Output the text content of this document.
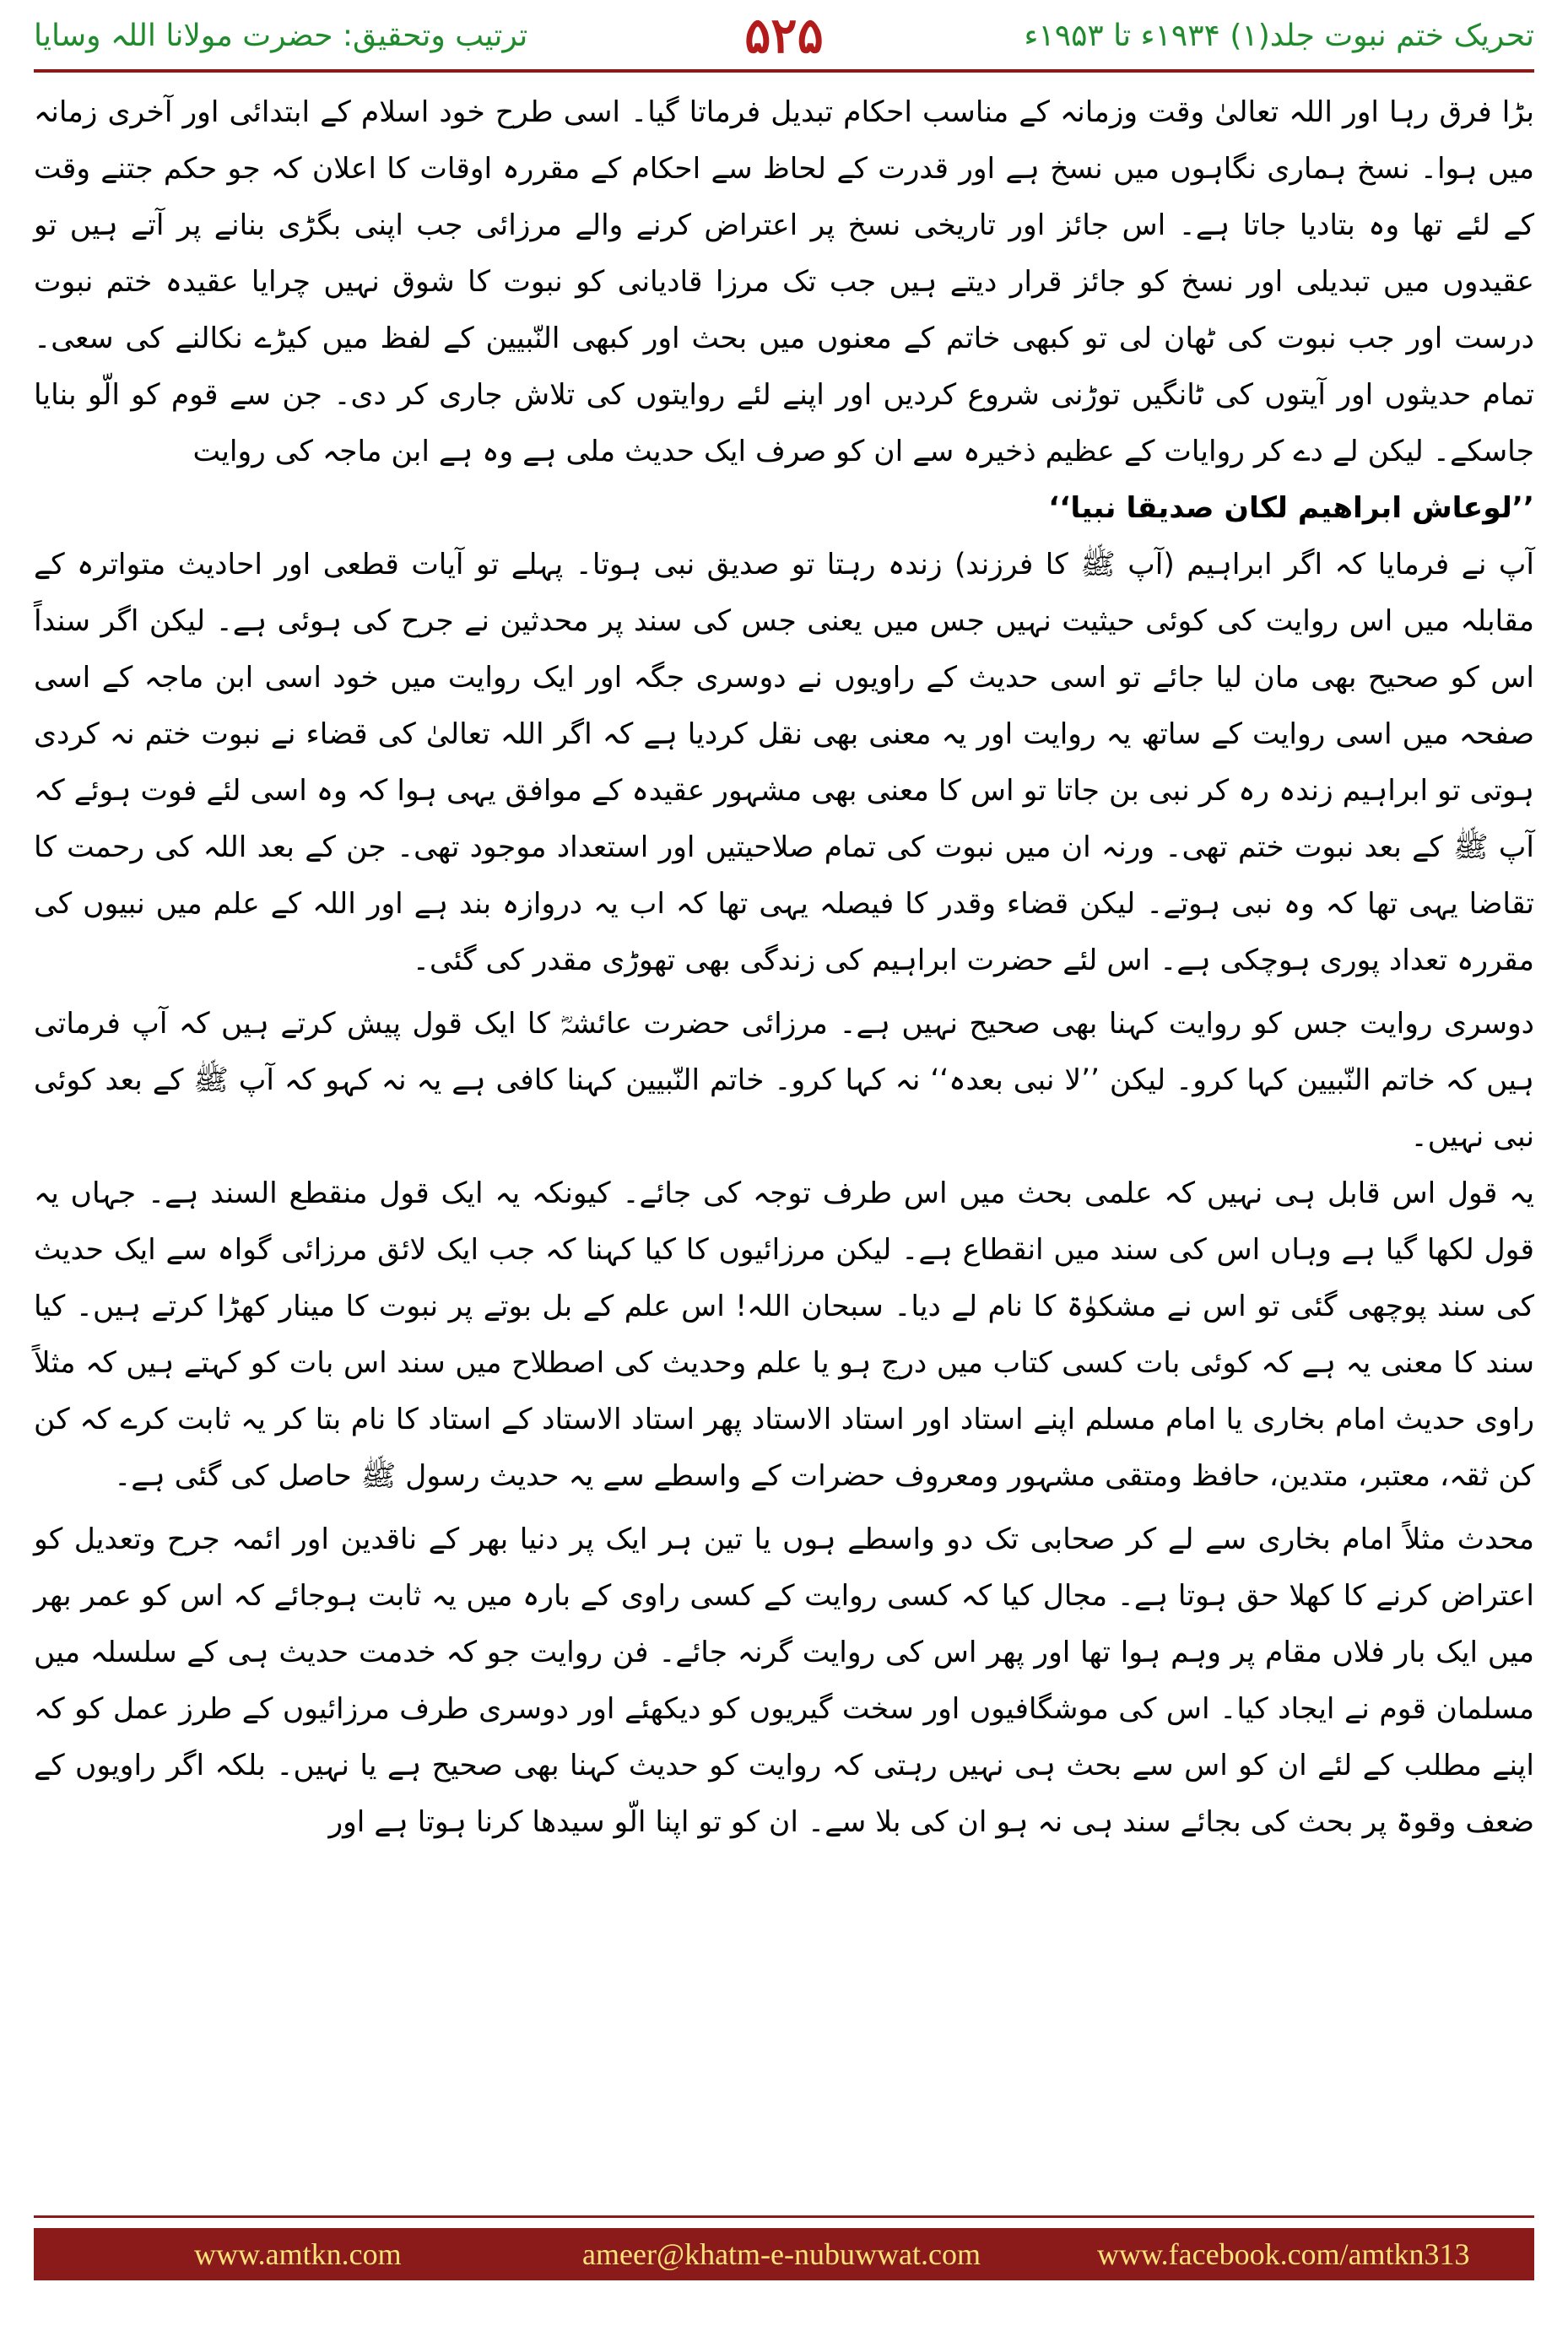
تحریک ختم نبوت جلد(۱) ۱۹۳۴ء تا ۱۹۵۳ء
۵۲۵
ترتیب وتحقیق: حضرت مولانا اللہ وسایا

بڑا فرق رہا اور اللہ تعالیٰ وقت وزمانہ کے مناسب احکام تبدیل فرماتا گیا۔ اسی طرح خود اسلام کے ابتدائی اور آخری زمانہ میں ہوا۔ نسخ ہماری نگاہوں میں نسخ ہے اور قدرت کے لحاظ سے احکام کے مقررہ اوقات کا اعلان کہ جو حکم جتنے وقت کے لئے تھا وہ بتادیا جاتا ہے۔ اس جائز اور تاریخی نسخ پر اعتراض کرنے والے مرزائی جب اپنی بگڑی بنانے پر آتے ہیں تو عقیدوں میں تبدیلی اور نسخ کو جائز قرار دیتے ہیں جب تک مرزا قادیانی کو نبوت کا شوق نہیں چرایا عقیدہ ختم نبوت درست اور جب نبوت کی ٹھان لی تو کبھی خاتم کے معنوں میں بحث اور کبھی النّبیین کے لفظ میں کیڑے نکالنے کی سعی۔ تمام حدیثوں اور آیتوں کی ٹانگیں توڑنی شروع کردیں اور اپنے لئے روایتوں کی تلاش جاری کر دی۔ جن سے قوم کو الّو بنایا جاسکے۔ لیکن لے دے کر روایات کے عظیم ذخیرہ سے ان کو صرف ایک حدیث ملی ہے وہ ہے ابن ماجہ کی روایت

’’لوعاش ابراھیم لکان صدیقا نبیا‘‘

آپ نے فرمایا کہ اگر ابراہیم (آپ ﷺ کا فرزند) زندہ رہتا تو صدیق نبی ہوتا۔ پہلے تو آیات قطعی اور احادیث متواترہ کے مقابلہ میں اس روایت کی کوئی حیثیت نہیں جس میں یعنی جس کی سند پر محدثین نے جرح کی ہوئی ہے۔ لیکن اگر سنداً اس کو صحیح بھی مان لیا جائے تو اسی حدیث کے راویوں نے دوسری جگہ اور ایک روایت میں خود اسی ابن ماجہ کے اسی صفحہ میں اسی روایت کے ساتھ یہ روایت اور یہ معنی بھی نقل کردیا ہے کہ اگر اللہ تعالیٰ کی قضاء نے نبوت ختم نہ کردی ہوتی تو ابراہیم زندہ رہ کر نبی بن جاتا تو اس کا معنی بھی مشہور عقیدہ کے موافق یہی ہوا کہ وہ اسی لئے فوت ہوئے کہ آپ ﷺ کے بعد نبوت ختم تھی۔ ورنہ ان میں نبوت کی تمام صلاحیتیں اور استعداد موجود تھی۔ جن کے بعد اللہ کی رحمت کا تقاضا یہی تھا کہ وہ نبی ہوتے۔ لیکن قضاء وقدر کا فیصلہ یہی تھا کہ اب یہ دروازہ بند ہے اور اللہ کے علم میں نبیوں کی مقررہ تعداد پوری ہوچکی ہے۔ اس لئے حضرت ابراہیم کی زندگی بھی تھوڑی مقدر کی گئی۔

دوسری روایت جس کو روایت کہنا بھی صحیح نہیں ہے۔ مرزائی حضرت عائشہؓ کا ایک قول پیش کرتے ہیں کہ آپ فرماتی ہیں کہ خاتم النّبیین کہا کرو۔ لیکن ’’لا نبی بعدہ‘‘ نہ کہا کرو۔ خاتم النّبیین کہنا کافی ہے یہ نہ کہو کہ آپ ﷺ کے بعد کوئی نبی نہیں۔

یہ قول اس قابل ہی نہیں کہ علمی بحث میں اس طرف توجہ کی جائے۔ کیونکہ یہ ایک قول منقطع السند ہے۔ جہاں یہ قول لکھا گیا ہے وہاں اس کی سند میں انقطاع ہے۔ لیکن مرزائیوں کا کیا کہنا کہ جب ایک لائق مرزائی گواہ سے ایک حدیث کی سند پوچھی گئی تو اس نے مشکوٰۃ کا نام لے دیا۔ سبحان اللہ! اس علم کے بل بوتے پر نبوت کا مینار کھڑا کرتے ہیں۔ کیا سند کا معنی یہ ہے کہ کوئی بات کسی کتاب میں درج ہو یا علم وحدیث کی اصطلاح میں سند اس بات کو کہتے ہیں کہ مثلاً راوی حدیث امام بخاری یا امام مسلم اپنے استاد اور استاد الاستاد پھر استاد الاستاد کے استاد کا نام بتا کر یہ ثابت کرے کہ کن کن ثقہ، معتبر، متدین، حافظ ومتقی مشہور ومعروف حضرات کے واسطے سے یہ حدیث رسول ﷺ حاصل کی گئی ہے۔

محدث مثلاً امام بخاری سے لے کر صحابی تک دو واسطے ہوں یا تین ہر ایک پر دنیا بھر کے ناقدین اور ائمہ جرح وتعدیل کو اعتراض کرنے کا کھلا حق ہوتا ہے۔ مجال کیا کہ کسی روایت کے کسی راوی کے بارہ میں یہ ثابت ہوجائے کہ اس کو عمر بھر میں ایک بار فلاں مقام پر وہم ہوا تھا اور پھر اس کی روایت گرنہ جائے۔ فن روایت جو کہ خدمت حدیث ہی کے سلسلہ میں مسلمان قوم نے ایجاد کیا۔ اس کی موشگافیوں اور سخت گیریوں کو دیکھئے اور دوسری طرف مرزائیوں کے طرز عمل کو کہ اپنے مطلب کے لئے ان کو اس سے بحث ہی نہیں رہتی کہ روایت کو حدیث کہنا بھی صحیح ہے یا نہیں۔ بلکہ اگر راویوں کے ضعف وقوۃ پر بحث کی بجائے سند ہی نہ ہو ان کی بلا سے۔ ان کو تو اپنا الّو سیدھا کرنا ہوتا ہے اور

www.amtkn.com	ameer@khatm-e-nubuwwat.com	www.facebook.com/amtkn313
